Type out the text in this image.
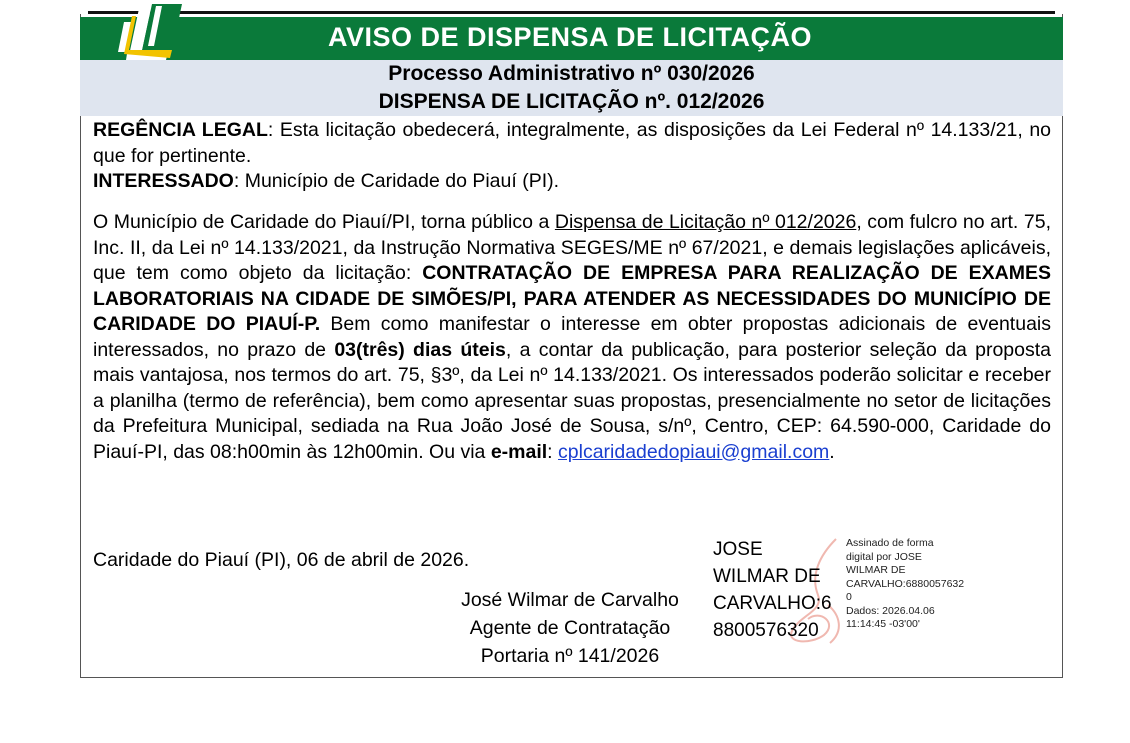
AVISO DE DISPENSA DE LICITAÇÃO
Processo Administrativo nº 030/2026
DISPENSA DE LICITAÇÃO nº. 012/2026

REGÊNCIA LEGAL: Esta licitação obedecerá, integralmente, as disposições da Lei Federal nº 14.133/21, no que for pertinente.

INTERESSADO: Município de Caridade do Piauí (PI).

O Município de Caridade do Piauí/PI, torna público a Dispensa de Licitação nº 012/2026, com fulcro no art. 75, Inc. II, da Lei nº 14.133/2021, da Instrução Normativa SEGES/ME nº 67/2021, e demais legislações aplicáveis, que tem como objeto da licitação: CONTRATAÇÃO DE EMPRESA PARA REALIZAÇÃO DE EXAMES LABORATORIAIS NA CIDADE DE SIMÕES/PI, PARA ATENDER AS NECESSIDADES DO MUNICÍPIO DE CARIDADE DO PIAUÍ-P. Bem como manifestar o interesse em obter propostas adicionais de eventuais interessados, no prazo de 03(três) dias úteis, a contar da publicação, para posterior seleção da proposta mais vantajosa, nos termos do art. 75, §3º, da Lei nº 14.133/2021. Os interessados poderão solicitar e receber a planilha (termo de referência), bem como apresentar suas propostas, presencialmente no setor de licitações da Prefeitura Municipal, sediada na Rua João José de Sousa, s/nº, Centro, CEP: 64.590-000, Caridade do Piauí-PI, das 08:h00min às 12h00min. Ou via e-mail: cplcaridadedopiaui@gmail.com.

Caridade do Piauí (PI), 06 de abril de 2026.
José Wilmar de Carvalho
Agente de Contratação
Portaria nº 141/2026
JOSE
WILMAR DE
CARVALHO:6
8800576320
Assinado de forma
digital por JOSE
WILMAR DE
CARVALHO:6880057632
0
Dados: 2026.04.06
11:14:45 -03'00'
